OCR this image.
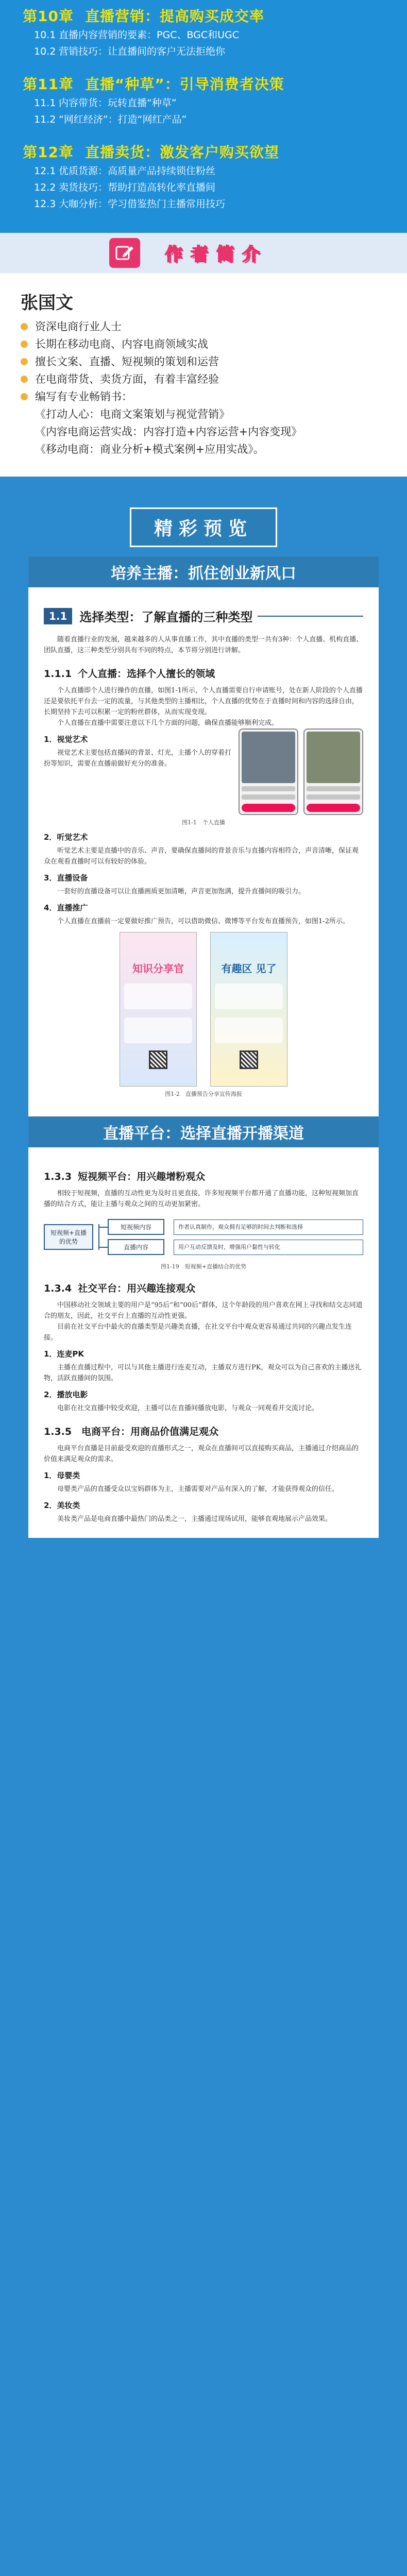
第10章 直播营销：提高购买成交率
10.1 直播内容营销的要素：PGC、BGC和UGC
10.2 营销技巧：让直播间的客户无法拒绝你
第11章 直播“种草”：引导消费者决策
11.1 内容带货：玩转直播“种草”
11.2 “网红经济”：打造“网红产品”
第12章 直播卖货：激发客户购买欲望
12.1 优质货源：高质量产品持续锁住粉丝
12.2 卖货技巧：帮助打造高转化率直播间
12.3 大咖分析：学习借鉴热门主播常用技巧
作者简介
张国文
资深电商行业人士
长期在移动电商、内容电商领域实战
擅长文案、直播、短视频的策划和运营
在电商带货、卖货方面，有着丰富经验
编写有专业畅销书：
《打动人心：电商文案策划与视觉营销》
《内容电商运营实战：内容打造+内容运营+内容变现》
《移动电商：商业分析+模式案例+应用实战》。
精彩预览
培养主播：抓住创业新风口
1.1	选择类型：了解直播的三种类型

随着直播行业的发展，越来越多的人从事直播工作，其中直播的类型一共有3种：个人直播、机构直播、团队直播，这三种类型分别具有不同的特点，本节将分别进行讲解。

1.1.1 个人直播：选择个人擅长的领域

个人直播即个人进行操作的直播，如图1-1所示，个人直播需要自行申请账号，处在新人阶段的个人直播还是要依托平台去一定的流量，与其他类型的主播相比，个人直播的优势在于直播时间和内容的选择自由，长期坚持下去可以积累一定的粉丝群体，从而实现变现。

个人直播在直播中需要注意以下几个方面的问题，确保直播能够顺利完成。

1．视觉艺术

视觉艺术主要包括直播间的背景、灯光，主播个人的穿着打扮等知识，需要在直播前做好充分的准备。

图1-1　个人直播
2．听觉艺术

听觉艺术主要是直播中的音乐、声音，要确保直播间的背景音乐与直播内容相符合，声音清晰，保证观众在观看直播时可以有较好的体验。

3．直播设备

一套好的直播设备可以让直播画质更加清晰，声音更加饱满，提升直播间的吸引力。

4．直播推广

个人直播在直播前一定要做好推广预告，可以借助微信、微博等平台发布直播预告，如图1-2所示。

知识分享官	有趣区 见了
图1-2　直播预告分享宣传海报
直播平台：选择直播开播渠道
1.3.3 短视频平台：用兴趣增粉观众

相较于短视频，直播的互动性更为及时且更直接，许多短视频平台都开通了直播功能，这种短视频加直播的结合方式，能让主播与观众之间的互动更加紧密。

短视频+直播的优势
短视频内容	作者认真制作，观众拥有足够的时间去判断和选择
直播内容	用户互动反馈及时，增强用户黏性与转化
图1-19　短视频+直播结合的优势
1.3.4 社交平台：用兴趣连接观众

中国移动社交领域主要的用户是“95后”和“00后”群体，这个年龄段的用户喜欢在网上寻找和结交志同道合的朋友，因此，社交平台上直播的互动性更强。

目前在社交平台中最火的直播类型是兴趣类直播，在社交平台中观众更容易通过共同的兴趣点发生连接。

1．连麦PK

主播在直播过程中，可以与其他主播进行连麦互动，主播双方进行PK，观众可以为自己喜欢的主播送礼物，活跃直播间的氛围。

2．播放电影

电影在社交直播中较受欢迎，主播可以在直播间播放电影，与观众一同观看并交流讨论。

1.3.5　电商平台：用商品价值满足观众

电商平台直播是目前最受欢迎的直播形式之一，观众在直播间可以直接购买商品，主播通过介绍商品的价值来满足观众的需求。

1．母婴类

母婴类产品的直播受众以宝妈群体为主，主播需要对产品有深入的了解，才能获得观众的信任。

2．美妆类

美妆类产品是电商直播中最热门的品类之一，主播通过现场试用，能够直观地展示产品效果。
